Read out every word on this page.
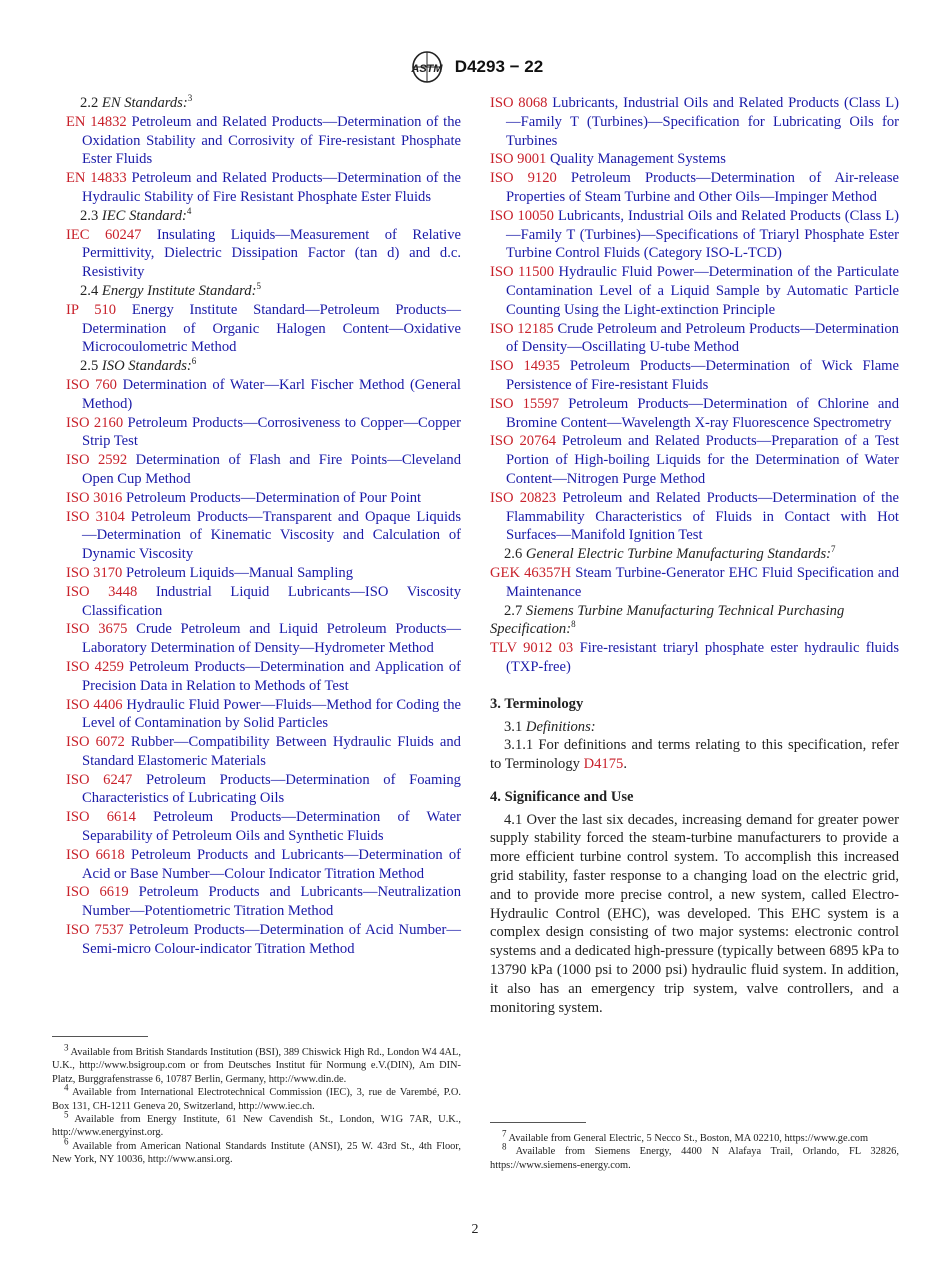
ASTM D4293 − 22

2.2 EN Standards:$^3$

EN 14832 Petroleum and Related Products—Determination of the Oxidation Stability and Corrosivity of Fire-resistant Phosphate Ester Fluids

EN 14833 Petroleum and Related Products—Determination of the Hydraulic Stability of Fire Resistant Phosphate Ester Fluids

2.3 IEC Standard:$^4$

IEC 60247 Insulating Liquids—Measurement of Relative Permittivity, Dielectric Dissipation Factor (tan d) and d.c. Resistivity

2.4 Energy Institute Standard:$^5$

IP 510 Energy Institute Standard—Petroleum Products—Determination of Organic Halogen Content—Oxidative Microcoulometric Method

2.5 ISO Standards:$^6$

ISO 760 Determination of Water—Karl Fischer Method (General Method)

ISO 2160 Petroleum Products—Corrosiveness to Copper—Copper Strip Test

ISO 2592 Determination of Flash and Fire Points—Cleveland Open Cup Method

ISO 3016 Petroleum Products—Determination of Pour Point

ISO 3104 Petroleum Products—Transparent and Opaque Liquids—Determination of Kinematic Viscosity and Calculation of Dynamic Viscosity

ISO 3170 Petroleum Liquids—Manual Sampling

ISO 3448 Industrial Liquid Lubricants—ISO Viscosity Classification

ISO 3675 Crude Petroleum and Liquid Petroleum Products—Laboratory Determination of Density—Hydrometer Method

ISO 4259 Petroleum Products—Determination and Application of Precision Data in Relation to Methods of Test

ISO 4406 Hydraulic Fluid Power—Fluids—Method for Coding the Level of Contamination by Solid Particles

ISO 6072 Rubber—Compatibility Between Hydraulic Fluids and Standard Elastomeric Materials

ISO 6247 Petroleum Products—Determination of Foaming Characteristics of Lubricating Oils

ISO 6614 Petroleum Products—Determination of Water Separability of Petroleum Oils and Synthetic Fluids

ISO 6618 Petroleum Products and Lubricants—Determination of Acid or Base Number—Colour Indicator Titration Method

ISO 6619 Petroleum Products and Lubricants—Neutralization Number—Potentiometric Titration Method

ISO 7537 Petroleum Products—Determination of Acid Number—Semi-micro Colour-indicator Titration Method

ISO 8068 Lubricants, Industrial Oils and Related Products (Class L)—Family T (Turbines)—Specification for Lubricating Oils for Turbines

ISO 9001 Quality Management Systems

ISO 9120 Petroleum Products—Determination of Air-release Properties of Steam Turbine and Other Oils—Impinger Method

ISO 10050 Lubricants, Industrial Oils and Related Products (Class L)—Family T (Turbines)—Specifications of Triaryl Phosphate Ester Turbine Control Fluids (Category ISO-L-TCD)

ISO 11500 Hydraulic Fluid Power—Determination of the Particulate Contamination Level of a Liquid Sample by Automatic Particle Counting Using the Light-extinction Principle

ISO 12185 Crude Petroleum and Petroleum Products—Determination of Density—Oscillating U-tube Method

ISO 14935 Petroleum Products—Determination of Wick Flame Persistence of Fire-resistant Fluids

ISO 15597 Petroleum Products—Determination of Chlorine and Bromine Content—Wavelength X-ray Fluorescence Spectrometry

ISO 20764 Petroleum and Related Products—Preparation of a Test Portion of High-boiling Liquids for the Determination of Water Content—Nitrogen Purge Method

ISO 20823 Petroleum and Related Products—Determination of the Flammability Characteristics of Fluids in Contact with Hot Surfaces—Manifold Ignition Test

2.6 General Electric Turbine Manufacturing Standards:$^7$

GEK 46357H Steam Turbine-Generator EHC Fluid Specification and Maintenance

2.7 Siemens Turbine Manufacturing Technical Purchasing Specification:$^8$

TLV 9012 03 Fire-resistant triaryl phosphate ester hydraulic fluids (TXP-free)

3. Terminology

3.1 Definitions:

3.1.1 For definitions and terms relating to this specification, refer to Terminology D4175.

4. Significance and Use

4.1 Over the last six decades, increasing demand for greater power supply stability forced the steam-turbine manufacturers to provide a more efficient turbine control system. To accomplish this increased grid stability, faster response to a changing load on the electric grid, and to provide more precise control, a new system, called Electro-Hydraulic Control (EHC), was developed. This EHC system is a complex design consisting of two major systems: electronic control systems and a dedicated high-pressure (typically between 6895 kPa to 13790 kPa (1000 psi to 2000 psi) hydraulic fluid system. In addition, it also has an emergency trip system, valve controllers, and a monitoring system.

$^3$ Available from British Standards Institution (BSI), 389 Chiswick High Rd., London W4 4AL, U.K., http://www.bsigroup.com or from Deutsches Institut für Normung e.V.(DIN), Am DIN-Platz, Burggrafenstrasse 6, 10787 Berlin, Germany, http://www.din.de.

$^4$ Available from International Electrotechnical Commission (IEC), 3, rue de Varembé, P.O. Box 131, CH-1211 Geneva 20, Switzerland, http://www.iec.ch.

$^5$ Available from Energy Institute, 61 New Cavendish St., London, W1G 7AR, U.K., http://www.energyinst.org.

$^6$ Available from American National Standards Institute (ANSI), 25 W. 43rd St., 4th Floor, New York, NY 10036, http://www.ansi.org.

$^7$ Available from General Electric, 5 Necco St., Boston, MA 02210, https://www.ge.com

$^8$ Available from Siemens Energy, 4400 N Alafaya Trail, Orlando, FL 32826, https://www.siemens-energy.com.

2
